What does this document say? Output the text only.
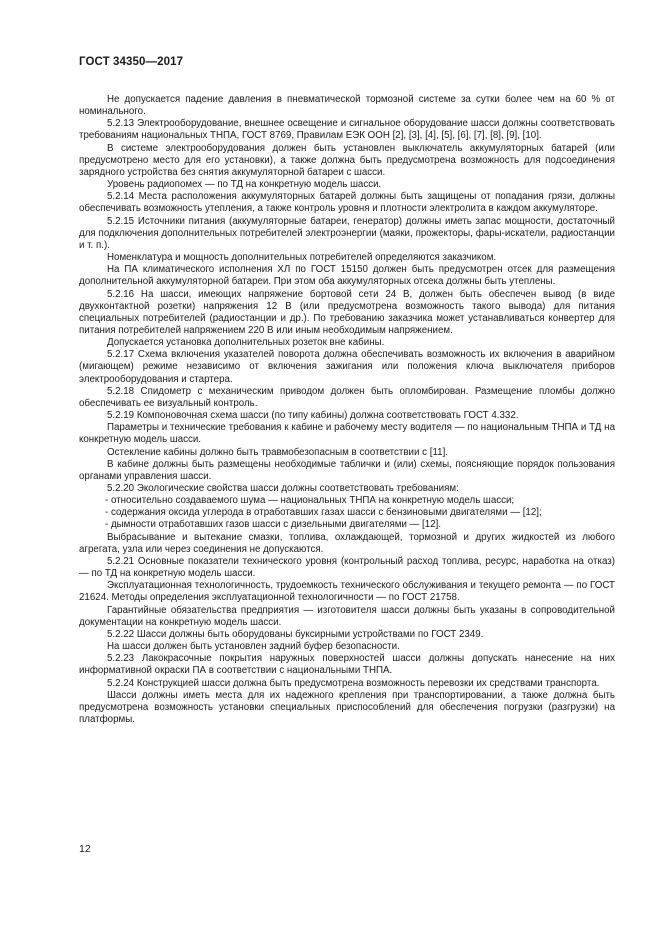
ГОСТ 34350—2017

Не допускается падение давления в пневматической тормозной системе за сутки более чем на 60 % от номинального.

5.2.13 Электрооборудование, внешнее освещение и сигнальное оборудование шасси должны соответствовать требованиям национальных ТНПА, ГОСТ 8769, Правилам ЕЭК ООН [2], [3], [4], [5], [6], [7], [8], [9], [10].

В системе электрооборудования должен быть установлен выключатель аккумуляторных батарей (или предусмотрено место для его установки), а также должна быть предусмотрена возможность для подсоединения зарядного устройства без снятия аккумуляторной батареи с шасси.

Уровень радиопомех — по ТД на конкретную модель шасси.

5.2.14 Места расположения аккумуляторных батарей должны быть защищены от попадания грязи, должны обеспечивать возможность утепления, а также контроль уровня и плотности электролита в каждом аккумуляторе.

5.2.15 Источники питания (аккумуляторные батареи, генератор) должны иметь запас мощности, достаточный для подключения дополнительных потребителей электроэнергии (маяки, прожекторы, фары-искатели, радиостанции и т. п.).

Номенклатура и мощность дополнительных потребителей определяются заказчиком.

На ПА климатического исполнения ХЛ по ГОСТ 15150 должен быть предусмотрен отсек для размещения дополнительной аккумуляторной батареи. При этом оба аккумуляторных отсека должны быть утеплены.

5.2.16 На шасси, имеющих напряжение бортовой сети 24 В, должен быть обеспечен вывод (в виде двухконтактной розетки) напряжения 12 В (или предусмотрена возможность такого вывода) для питания специальных потребителей (радиостанции и др.). По требованию заказчика может устанавливаться конвертер для питания потребителей напряжением 220 В или иным необходимым напряжением.

Допускается установка дополнительных розеток вне кабины.

5.2.17 Схема включения указателей поворота должна обеспечивать возможность их включения в аварийном (мигающем) режиме независимо от включения зажигания или положения ключа выключателя приборов электрооборудования и стартера.

5.2.18 Спидометр с механическим приводом должен быть опломбирован. Размещение пломбы должно обеспечивать ее визуальный контроль.

5.2.19 Компоновочная схема шасси (по типу кабины) должна соответствовать ГОСТ 4.332.

Параметры и технические требования к кабине и рабочему месту водителя — по национальным ТНПА и ТД на конкретную модель шасси.

Остекление кабины должно быть травмобезопасным в соответствии с [11].

В кабине должны быть размещены необходимые таблички и (или) схемы, поясняющие порядок пользования органами управления шасси.

5.2.20 Экологические свойства шасси должны соответствовать требованиям:

- относительно создаваемого шума — национальных ТНПА на конкретную модель шасси;

- содержания оксида углерода в отработавших газах шасси с бензиновыми двигателями — [12];

- дымности отработавших газов шасси с дизельными двигателями — [12].

Выбрасывание и вытекание смазки, топлива, охлаждающей, тормозной и других жидкостей из любого агрегата, узла или через соединения не допускаются.

5.2.21 Основные показатели технического уровня (контрольный расход топлива, ресурс, наработка на отказ) — по ТД на конкретную модель шасси.

Эксплуатационная технологичность, трудоемкость технического обслуживания и текущего ремонта — по ГОСТ 21624. Методы определения эксплуатационной технологичности — по ГОСТ 21758.

Гарантийные обязательства предприятия — изготовителя шасси должны быть указаны в сопроводительной документации на конкретную модель шасси.

5.2.22 Шасси должны быть оборудованы буксирными устройствами по ГОСТ 2349.

На шасси должен быть установлен задний буфер безопасности.

5.2.23 Лакокрасочные покрытия наружных поверхностей шасси должны допускать нанесение на них информативной окраски ПА в соответствии с национальными ТНПА.

5.2.24 Конструкцией шасси должна быть предусмотрена возможность перевозки их средствами транспорта.

Шасси должны иметь места для их надежного крепления при транспортировании, а также должна быть предусмотрена возможность установки специальных приспособлений для обеспечения погрузки (разгрузки) на платформы.

12
